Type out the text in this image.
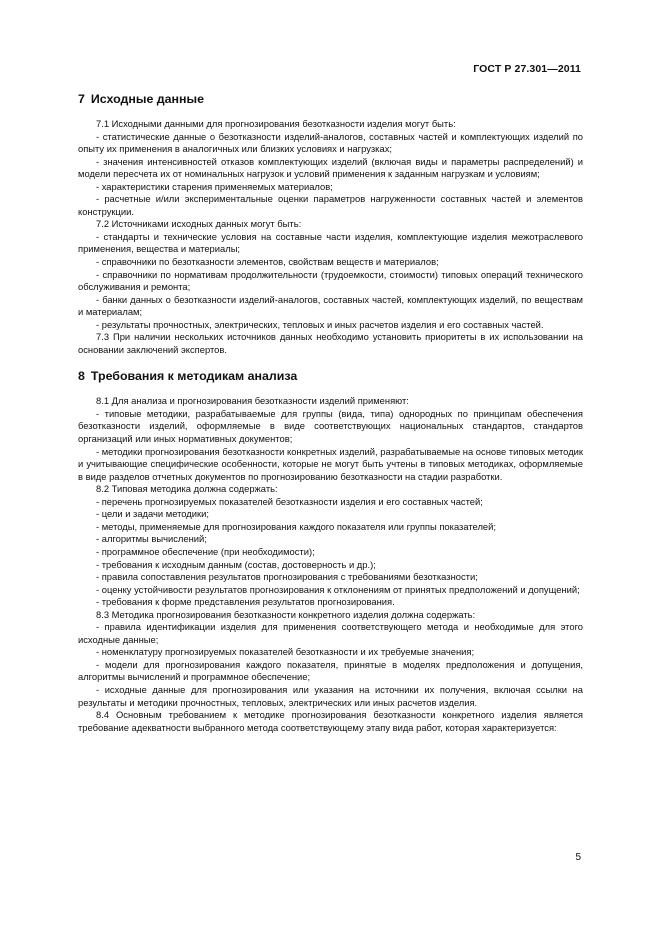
ГОСТ Р 27.301—2011
7 Исходные данные

7.1 Исходными данными для прогнозирования безотказности изделия могут быть:

- статистические данные о безотказности изделий-аналогов, составных частей и комплектующих изделий по опыту их применения в аналогичных или близких условиях и нагрузках;

- значения интенсивностей отказов комплектующих изделий (включая виды и параметры распределений) и модели пересчета их от номинальных нагрузок и условий применения к заданным нагрузкам и условиям;

- характеристики старения применяемых материалов;

- расчетные и/или экспериментальные оценки параметров нагруженности составных частей и элементов конструкции.

7.2 Источниками исходных данных могут быть:

- стандарты и технические условия на составные части изделия, комплектующие изделия межотраслевого применения, вещества и материалы;

- справочники по безотказности элементов, свойствам веществ и материалов;

- справочники по нормативам продолжительности (трудоемкости, стоимости) типовых операций технического обслуживания и ремонта;

- банки данных о безотказности изделий-аналогов, составных частей, комплектующих изделий, по веществам и материалам;

- результаты прочностных, электрических, тепловых и иных расчетов изделия и его составных частей.

7.3 При наличии нескольких источников данных необходимо установить приоритеты в их использовании на основании заключений экспертов.

8 Требования к методикам анализа

8.1 Для анализа и прогнозирования безотказности изделий применяют:

- типовые методики, разрабатываемые для группы (вида, типа) однородных по принципам обеспечения безотказности изделий, оформляемые в виде соответствующих национальных стандартов, стандартов организаций или иных нормативных документов;

- методики прогнозирования безотказности конкретных изделий, разрабатываемые на основе типовых методик и учитывающие специфические особенности, которые не могут быть учтены в типовых методиках, оформляемые в виде разделов отчетных документов по прогнозированию безотказности на стадии разработки.

8.2 Типовая методика должна содержать:

- перечень прогнозируемых показателей безотказности изделия и его составных частей;

- цели и задачи методики;

- методы, применяемые для прогнозирования каждого показателя или группы показателей;

- алгоритмы вычислений;

- программное обеспечение (при необходимости);

- требования к исходным данным (состав, достоверность и др.);

- правила сопоставления результатов прогнозирования с требованиями безотказности;

- оценку устойчивости результатов прогнозирования к отклонениям от принятых предположений и допущений;

- требования к форме представления результатов прогнозирования.

8.3 Методика прогнозирования безотказности конкретного изделия должна содержать:

- правила идентификации изделия для применения соответствующего метода и необходимые для этого исходные данные;

- номенклатуру прогнозируемых показателей безотказности и их требуемые значения;

- модели для прогнозирования каждого показателя, принятые в моделях предположения и допущения, алгоритмы вычислений и программное обеспечение;

- исходные данные для прогнозирования или указания на источники их получения, включая ссылки на результаты и методики прочностных, тепловых, электрических или иных расчетов изделия.

8.4 Основным требованием к методике прогнозирования безотказности конкретного изделия является требование адекватности выбранного метода соответствующему этапу вида работ, которая характеризуется:

5
